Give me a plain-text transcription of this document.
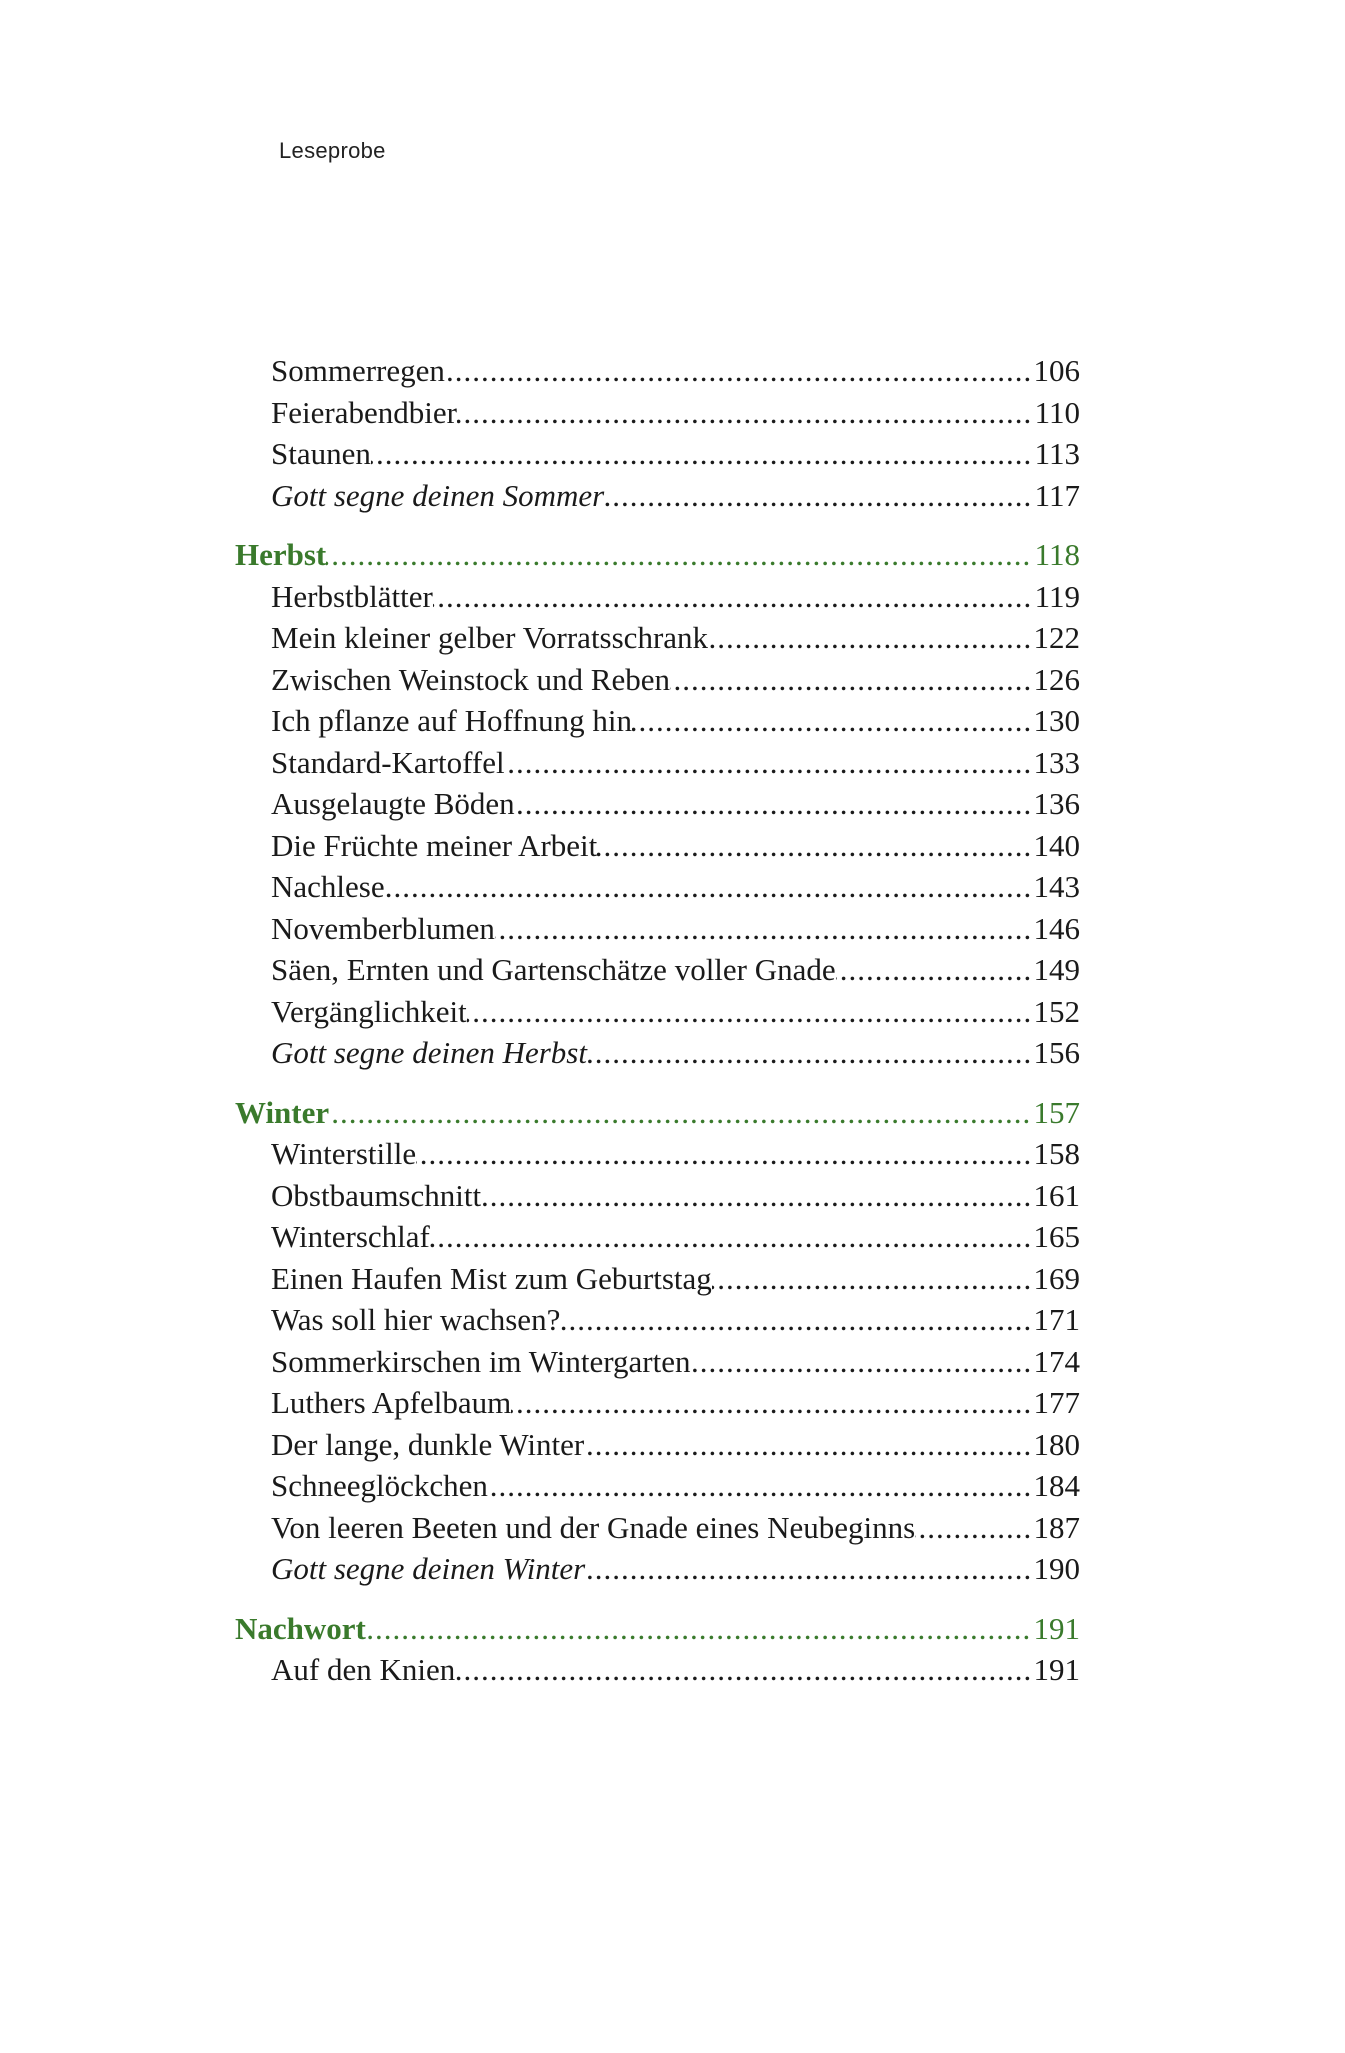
Leseprobe
Sommerregen	106
.....
Feierabendbier	110
.....
Staunen	113
.....
Gott segne deinen Sommer	117
.....
Herbst	118
.....
Herbstblätter	119
.....
Mein kleiner gelber Vorratsschrank	122
.....
Zwischen Weinstock und Reben	126
.....
Ich pflanze auf Hoffnung hin	130
.....
Standard-Kartoffel	133
.....
Ausgelaugte Böden	136
.....
Die Früchte meiner Arbeit	140
.....
Nachlese	143
.....
Novemberblumen	146
.....
Säen, Ernten und Gartenschätze voller Gnade	149
.....
Vergänglichkeit	152
.....
Gott segne deinen Herbst	156
.....
Winter	157
.....
Winterstille	158
.....
Obstbaumschnitt	161
.....
Winterschlaf	165
.....
Einen Haufen Mist zum Geburtstag	169
.....
Was soll hier wachsen?	171
.....
Sommerkirschen im Wintergarten	174
.....
Luthers Apfelbaum	177
.....
Der lange, dunkle Winter	180
.....
Schneeglöckchen	184
.....
Von leeren Beeten und der Gnade eines Neubeginns	187
.....
Gott segne deinen Winter	190
.....
Nachwort	191
.....
Auf den Knien	191
.....
